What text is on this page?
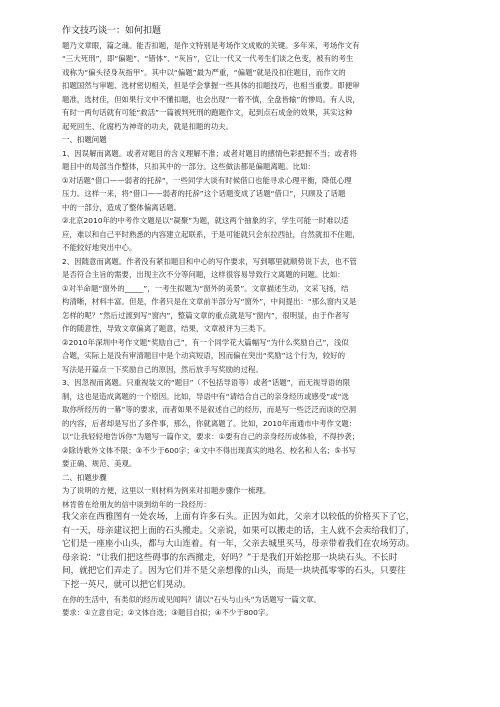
作文技巧谈一：如何扣题
题乃文章眼，篇之魂。能否扣题，是作文特别是考场作文成败的关键。多年来，考场作文有
“三大死刑”，即“偏题”、“错体”、“灰旨”，它让一代又一代考生们谈之色变，被有的考生
戏称为“偏头径身灰指甲”。其中以“偏题”最为严重，“偏题”就是没扣住题目，而作文的
扣题国然与审题、选材密切相关，但是学会掌握一些具体的扣题技巧，也相当重要。即便审
题准，选材佳，但如果行文中不懂扣题，也会出现“一着不慎，全盘皆输”的惨局。有人说，
有时一两句话就有可能“救活”一篇被判死刑的跑题作文，起到点石成金的效果，其实这种
起死回生、化腐朽为神奇的功夫，就是扣题的功夫。
一、扣题问题
1、因误解而离题。或者对题目的含义理解不准；或者对题目的感情色彩把握不当；或者将
题目中的局部当作整体，只扣其中的一部分。这些做法都是偏题离题。比如：
①对话题“借口——弱者的托辞”，一些同学大谈有时候借口也能寻求心理平衡，降低心理
压力。这样一来，将“借口——弱者的托辞”这个话题变成了话题“借口”，只顾及了话题
中的一部分，造成了整体偏离话题。
②北京2010年的中考作文题是以“凝聚”为题，就这两个抽象的字，学生可能一时难以适
应，难以和自己平时熟悉的内容建立起联系，于是可能就只会东拉西扯，自然就扣不住题，
不能较好地突出中心。
2、因随意而离题。作者没有紧扣题目和中心的写作要求，写到哪里就顺势说下去，也不管
是否符合主旨的需要，出现主次不分等问题，这样很容易导致行文离题的问题。比如：
①对半命题“窗外的_____”，一考生拟题为“窗外的美景”。文章描述生动，文采飞扬，结
构清晰，材料丰富。但是，作者只是在文章前半部分写“窗外”，中间提出：“那么窗内又是
怎样的呢？”然后过渡到写“窗内”，整篇文章的重点就是写“窗内”，很明显，由于作者写
作的随意性，导致文章偏离了题意，结果，文章被评为三类下。
②2010年深圳中考作文题“奖励自己”，有一个同学花大篇幅写“为什么奖励自己”，浅似
合题，实际上是没有审清题目中是个动宾短语，因而偏在突出“奖励”这个行为，较好的
写法是开篇点一下奖励自己的原因，然后放手写奖励的过程。
3、因忽视而离题。只重视装文的“题目”（不包括导语等）或者“话题”，而无视导语的限
制，这也是造成离题的一个原因。比如，导语中有“请结合自己的亲身经历或感受”或“选
取你所经历的一幕”等的要求，而者如果不是叙述自己的经历，而是写一些泛泛而谈的空洞
的内容，后者却是写出了多件事，那么，你就离题了。比如，2010年南通市中考作文题：
以“让我轻轻地告诉你”为题写一篇作文，要求：①要有自己的亲身经历或体验，不得抄袭；
②除诗歌外文体不限；③不少于600字；④文中不得出现真实的地名、校名和人名；⑤书写
要正确、规范、美观。
二、扣题步骤
为了说明的方便，这里以一则材料为例来对扣题步骤作一梳理。
林肯曾在给朋友的信中谈到幼年的一段经历：
我父亲在西雅图有一处农场，上面有许多石头。正因为如此，父亲才以较低的价格买下了它，
有一天，母亲建议把上面的石头搬走。父亲说，如果可以搬走的话，主人就不会卖给我们了，
它们是一座座小山头，都与大山连着。有一年，父亲去城里买马，母亲带着我们在农场劳动。
母亲说：“让我们把这些碍事的东西搬走，好吗？”于是我们开始挖那一块块石头。不长时
间，就把它们弄走了。因为它们并不是父亲想像的山头，而是一块块孤零零的石头，只要往
下挖一英尺，就可以把它们晃动。
在你的生活中，有类似的经历或见闻吗？请以“石头与山头”为话题写一篇文章。
要求：①立意自定；②文体自选；③题目自拟；④不少于800字。
